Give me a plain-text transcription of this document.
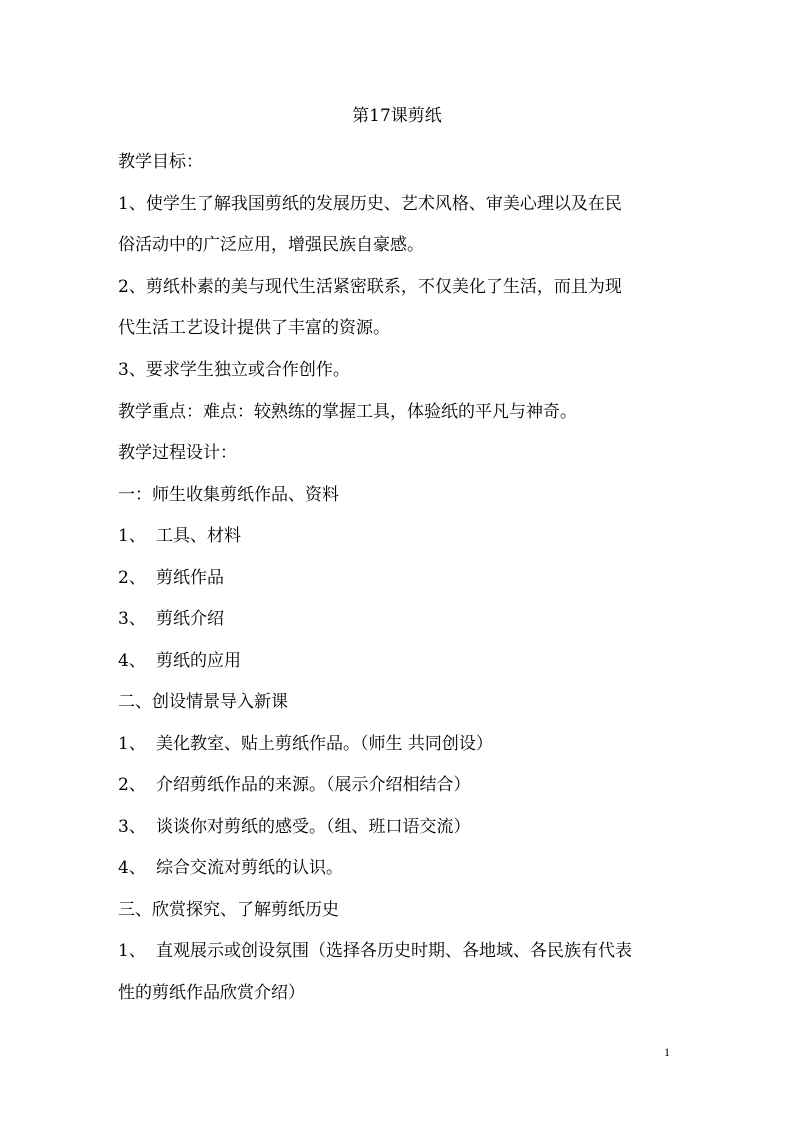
第17课剪纸
教学目标：
1、使学生了解我国剪纸的发展历史、艺术风格、审美心理以及在民
俗活动中的广泛应用，增强民族自豪感。
2、剪纸朴素的美与现代生活紧密联系，不仅美化了生活，而且为现
代生活工艺设计提供了丰富的资源。
3、要求学生独立或合作创作。
教学重点：难点：较熟练的掌握工具，体验纸的平凡与神奇。
教学过程设计：
一：师生收集剪纸作品、资料
1、 工具、材料
2、 剪纸作品
3、 剪纸介绍
4、 剪纸的应用
二、创设情景导入新课
1、 美化教室、贴上剪纸作品。（师生 共同创设）
2、 介绍剪纸作品的来源。（展示介绍相结合）
3、 谈谈你对剪纸的感受。（组、班口语交流）
4、 综合交流对剪纸的认识。
三、欣赏探究、了解剪纸历史
1、 直观展示或创设氛围（选择各历史时期、各地域、各民族有代表
性的剪纸作品欣赏介绍）
1
